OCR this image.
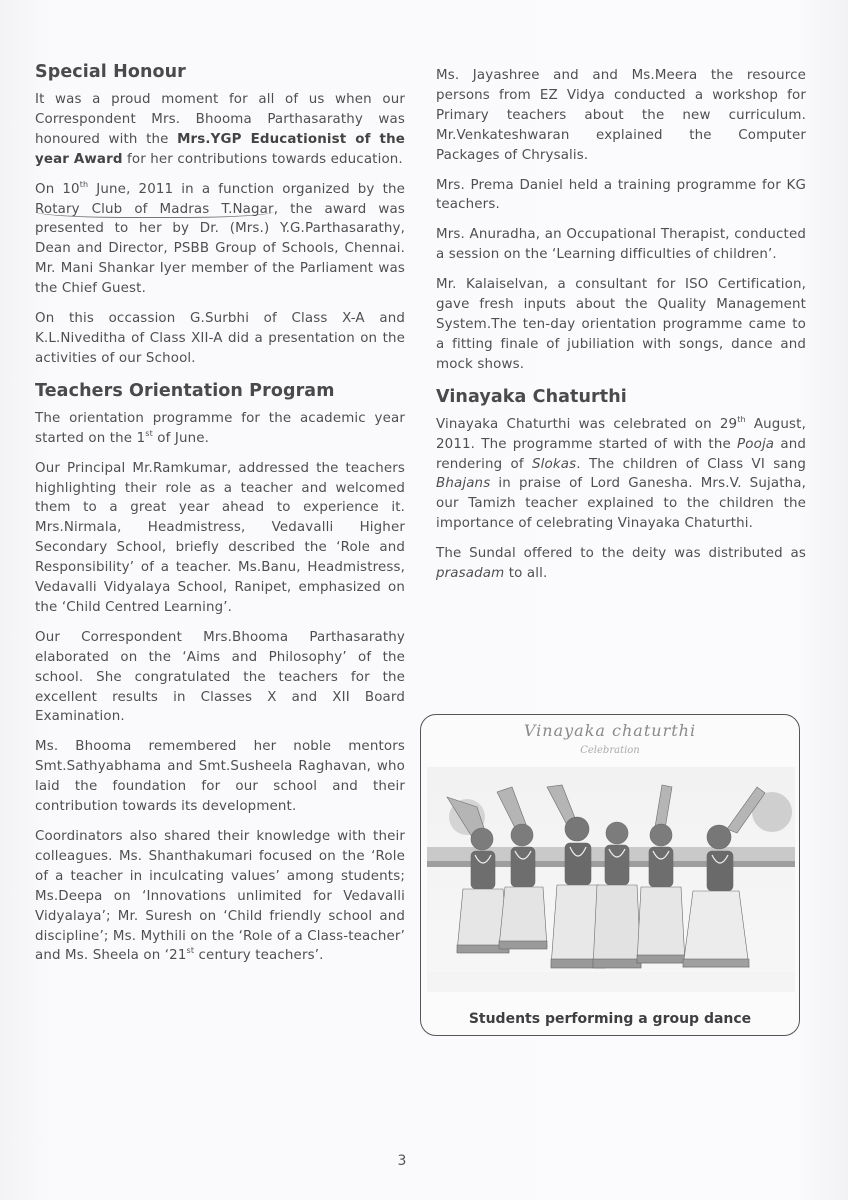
Special Honour

It was a proud moment for all of us when our Correspondent Mrs. Bhooma Parthasarathy was honoured with the Mrs.YGP Educationist of the year Award for her contributions towards education.

On 10th June, 2011 in a function organized by the Rotary Club of Madras T.Nagar, the award was presented to her by Dr. (Mrs.) Y.G.Parthasarathy, Dean and Director, PSBB Group of Schools, Chennai. Mr. Mani Shankar Iyer member of the Parliament was the Chief Guest.

On this occassion G.Surbhi of Class X-A and K.L.Niveditha of Class XII-A did a presentation on the activities of our School.

Teachers Orientation Program

The orientation programme for the academic year started on the 1st of June.

Our Principal Mr.Ramkumar, addressed the teachers highlighting their role as a teacher and welcomed them to a great year ahead to experience it. Mrs.Nirmala, Headmistress, Vedavalli Higher Secondary School, briefly described the ‘Role and Responsibility’ of a teacher. Ms.Banu, Headmistress, Vedavalli Vidyalaya School, Ranipet, emphasized on the ‘Child Centred Learning’.

Our Correspondent Mrs.Bhooma Parthasarathy elaborated on the ‘Aims and Philosophy’ of the school. She congratulated the teachers for the excellent results in Classes X and XII Board Examination.

Ms. Bhooma remembered her noble mentors Smt.Sathyabhama and Smt.Susheela Raghavan, who laid the foundation for our school and their contribution towards its development.

Coordinators also shared their knowledge with their colleagues. Ms. Shanthakumari focused on the ‘Role of a teacher in inculcating values’ among students; Ms.Deepa on ‘Innovations unlimited for Vedavalli Vidyalaya’; Mr. Suresh on ‘Child friendly school and discipline’; Ms. Mythili on the ‘Role of a Class-teacher’ and Ms. Sheela on ‘21st century teachers’.

Ms. Jayashree and and Ms.Meera the resource persons from EZ Vidya conducted a workshop for Primary teachers about the new curriculum. Mr.Venkateshwaran explained the Computer Packages of Chrysalis.

Mrs. Prema Daniel held a training programme for KG teachers.

Mrs. Anuradha, an Occupational Therapist, conducted a session on the ‘Learning difficulties of children’.

Mr. Kalaiselvan, a consultant for ISO Certification, gave fresh inputs about the Quality Management System.The ten-day orientation programme came to a fitting finale of jubiliation with songs, dance and mock shows.

Vinayaka Chaturthi

Vinayaka Chaturthi was celebrated on 29th August, 2011. The programme started of with the Pooja and rendering of Slokas. The children of Class VI sang Bhajans in praise of Lord Ganesha. Mrs.V. Sujatha, our Tamizh teacher explained to the children the importance of celebrating Vinayaka Chaturthi.

The Sundal offered to the deity was distributed as prasadam to all.

Vinayaka chaturthi
Celebration
Students performing a group dance
3
